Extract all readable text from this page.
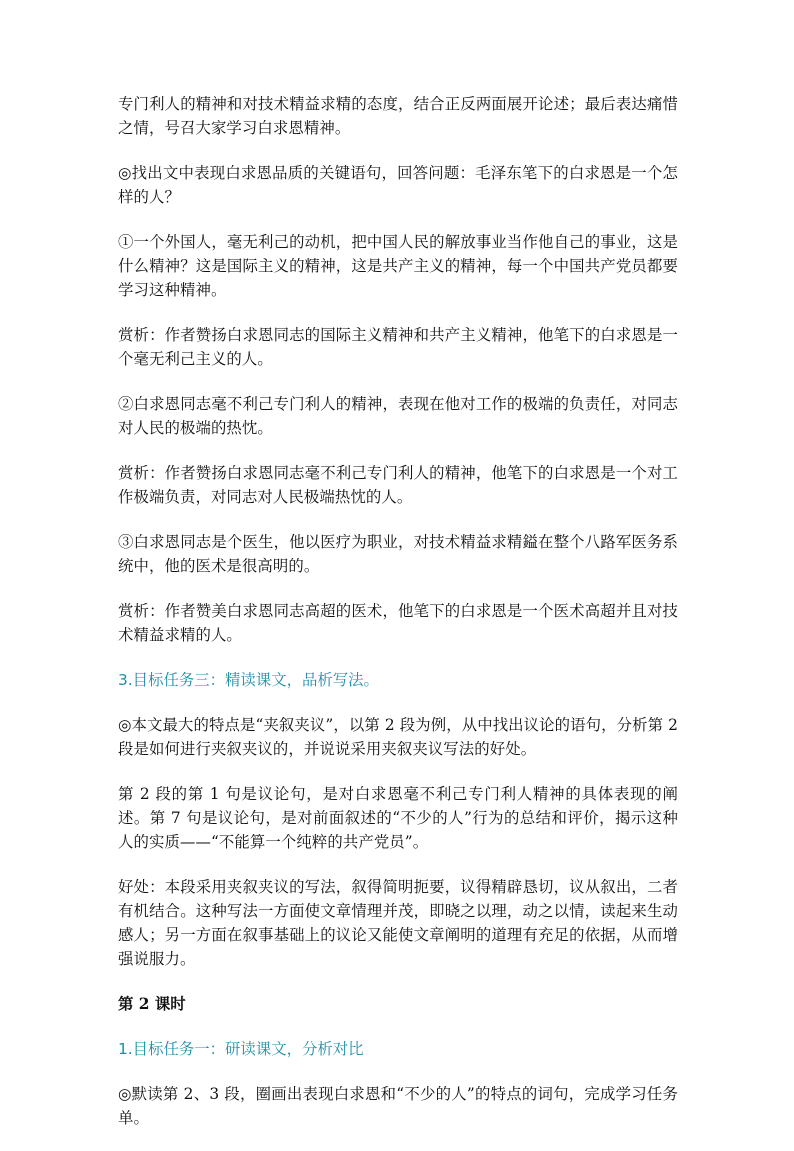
专门利人的精神和对技术精益求精的态度，结合正反两面展开论述；最后表达痛惜之情，号召大家学习白求恩精神。

◎找出文中表现白求恩品质的关键语句，回答问题：毛泽东笔下的白求恩是一个怎样的人？

①一个外国人，毫无利己的动机，把中国人民的解放事业当作他自己的事业，这是什么精神？这是国际主义的精神，这是共产主义的精神，每一个中国共产党员都要学习这种精神。

赏析：作者赞扬白求恩同志的国际主义精神和共产主义精神，他笔下的白求恩是一个毫无利己主义的人。

②白求恩同志毫不利己专门利人的精神，表现在他对工作的极端的负责任，对同志对人民的极端的热忱。

赏析：作者赞扬白求恩同志毫不利己专门利人的精神，他笔下的白求恩是一个对工作极端负责，对同志对人民极端热忱的人。

③白求恩同志是个医生，他以医疗为职业，对技术精益求精鎰在整个八路军医务系统中，他的医术是很高明的。

赏析：作者赞美白求恩同志高超的医术，他笔下的白求恩是一个医术高超并且对技术精益求精的人。

3.目标任务三：精读课文，品析写法。

◎本文最大的特点是“夹叙夹议”，以第 2 段为例，从中找出议论的语句，分析第 2 段是如何进行夹叙夹议的，并说说采用夹叙夹议写法的好处。

第 2 段的第 1 句是议论句，是对白求恩毫不利己专门利人精神的具体表现的阐述。第 7 句是议论句，是对前面叙述的“不少的人”行为的总结和评价，揭示这种人的实质——“不能算一个纯粹的共产党员”。

好处：本段采用夹叙夹议的写法，叙得简明扼要，议得精辟恳切，议从叙出，二者有机结合。这种写法一方面使文章情理并茂，即晓之以理，动之以情，读起来生动感人；另一方面在叙事基础上的议论又能使文章阐明的道理有充足的依据，从而增强说服力。

第 2 课时

1.目标任务一：研读课文，分析对比

◎默读第 2、3 段，圈画出表现白求恩和“不少的人”的特点的词句，完成学习任务单。
